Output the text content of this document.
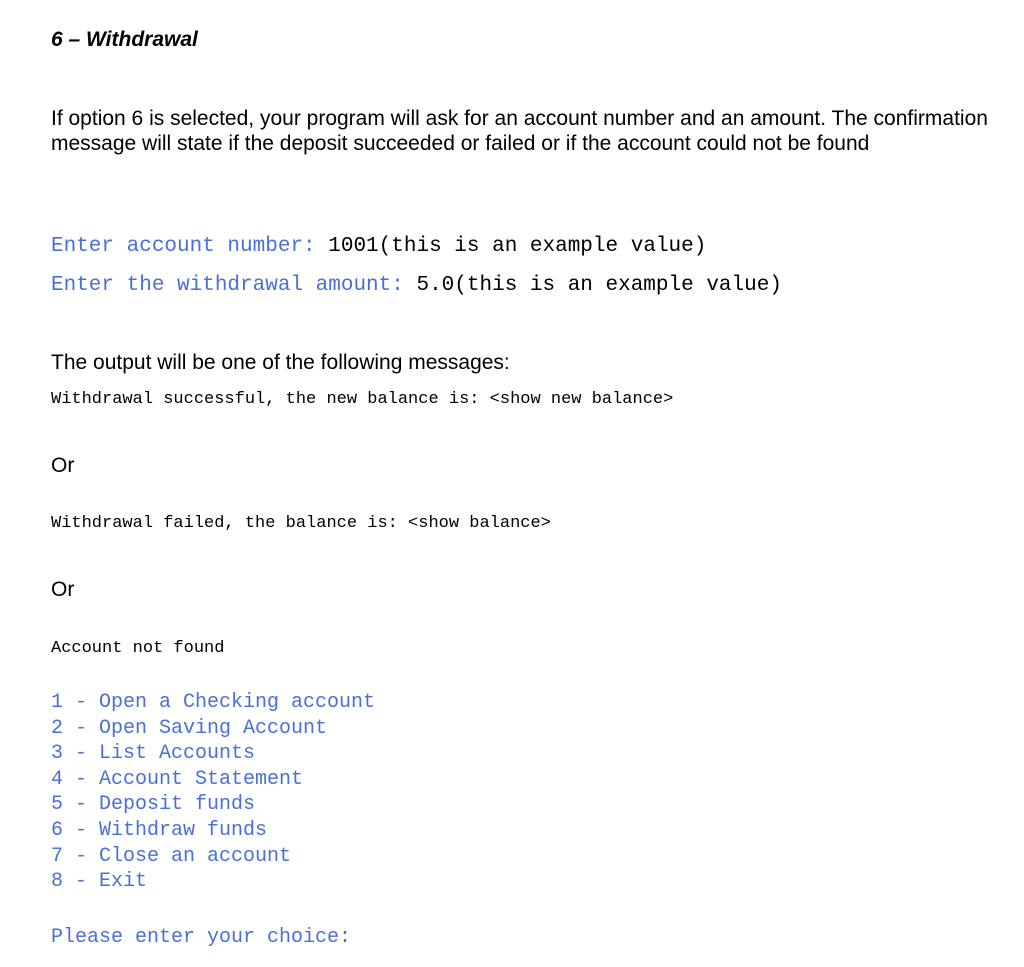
6 – Withdrawal
If option 6 is selected, your program will ask for an account number and an amount. The confirmation message will state if the deposit succeeded or failed or if the account could not be found
Enter account number: 1001(this is an example value)
Enter the withdrawal amount: 5.0(this is an example value)
The output will be one of the following messages:
Withdrawal successful, the new balance is: <show new balance>
Or
Withdrawal failed, the balance is: <show balance>
Or
Account not found
1 - Open a Checking account
2 - Open Saving Account
3 - List Accounts
4 - Account Statement
5 - Deposit funds
6 - Withdraw funds
7 - Close an account
8 - Exit
Please enter your choice:
